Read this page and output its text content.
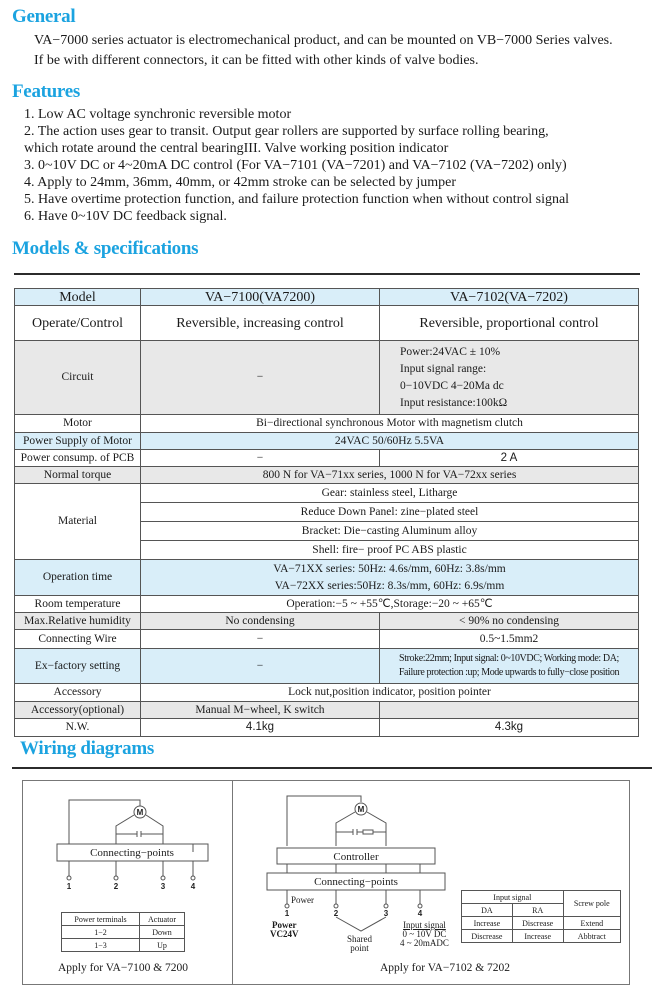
General
VA−7000 series actuator is electromechanical product, and can be mounted on VB−7000 Series valves.
If be with different connectors, it can be fitted with other kinds of valve bodies.
Features
1. Low AC voltage synchronic reversible motor
2. The action uses gear to transit. Output gear rollers are supported by surface rolling bearing,
which rotate around the central bearingIII. Valve working position indicator
3. 0~10V DC or 4~20mA DC control (For VA−7101 (VA−7201) and VA−7102 (VA−7202) only)
4. Apply to 24mm, 36mm, 40mm, or 42mm stroke can be selected by jumper
5. Have overtime protection function, and failure protection function when without control signal
6. Have 0~10V DC feedback signal.
Models & specifications
Model	VA−7100(VA7200)	VA−7102(VA−7202)
Operate/Control	Reversible, increasing control	Reversible, proportional control
Circuit	−	Power:24VAC ± 10%
Input signal range:
0−10VDC 4−20Ma dc
Input resistance:100kΩ

Motor	Bi−directional synchronous Motor with magnetism clutch	
Power Supply of Motor	24VAC 50/60Hz 5.5VA	
Power consump. of PCB	−	2 A
Normal torque	800 N for VA−71xx series, 1000 N for VA−72xx series	
Material	Gear: stainless steel, Litharge	
	Reduce Down Panel: zine−plated steel	
	Bracket: Die−casting Aluminum alloy	
	Shell: fire− proof PC ABS plastic	
Operation time	VA−71XX series: 50Hz: 4.6s/mm, 60Hz: 3.8s/mm
VA−72XX series:50Hz: 8.3s/mm, 60Hz: 6.9s/mm	

Room temperature	Operation:−5 ~ +55℃,Storage:−20 ~ +65℃	
Max.Relative humidity	No condensing	< 90% no condensing
Connecting Wire	−	0.5~1.5mm2
Ex−factory setting	−	Stroke:22mm; Input signal: 0~10VDC; Working mode: DA;
Failure protection :up; Mode upwards to fully−close position

Accessory	Lock nut,position indicator, position pointer	
Accessory(optional)	Manual M−wheel, K switch	
N.W.	4.1kg	4.3kg
Wiring diagrams
M	M
1	2	3	4
1	2	3	4
Connecting−points	Controller
Connecting−points
Power terminals	Actuator
1−2	Down
1−3	Up
Apply for VA−7100 & 7200
Power
Power
VC24V	Shared
point
Input signal
0 ~ 10V DC
4 ~ 20mADC
Input signal		Screw pole
DA	RA	
Increase	Discrease	Extend
Discrease	Increase	Abbtract
Apply for VA−7102 & 7202
